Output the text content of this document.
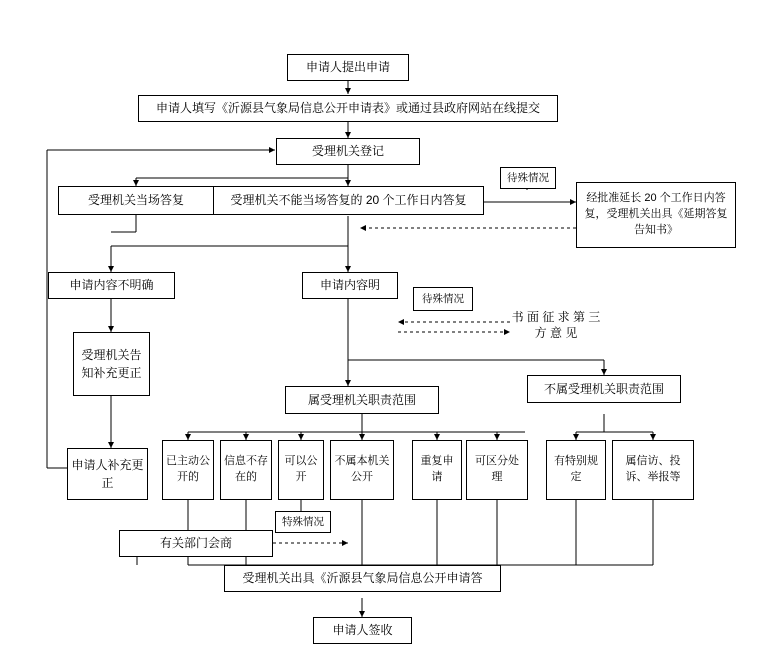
申请人提出申请
申请人填写《沂源县气象局信息公开申请表》或通过县政府网站在线提交
受理机关登记
受理机关当场答复	受理机关不能当场答复的 20 个工作日内答复
待殊情况
经批准延长 20 个工作日内答复，受理机关出具《延期答复告知书》
申请内容不明确	申请内容明
待殊情况
书 面 征 求 第 三 方 意 见
受理机关告知补充更正
申请人补充更正
属受理机关职责范围
不属受理机关职责范围
已主动公开的
信息不存在的
可以公开
不属本机关公开
重复申请
可区分处理
有特别规定
属信访、投诉、举报等
特殊情况
有关部门会商
受理机关出具《沂源县气象局信息公开申请答
申请人签收
